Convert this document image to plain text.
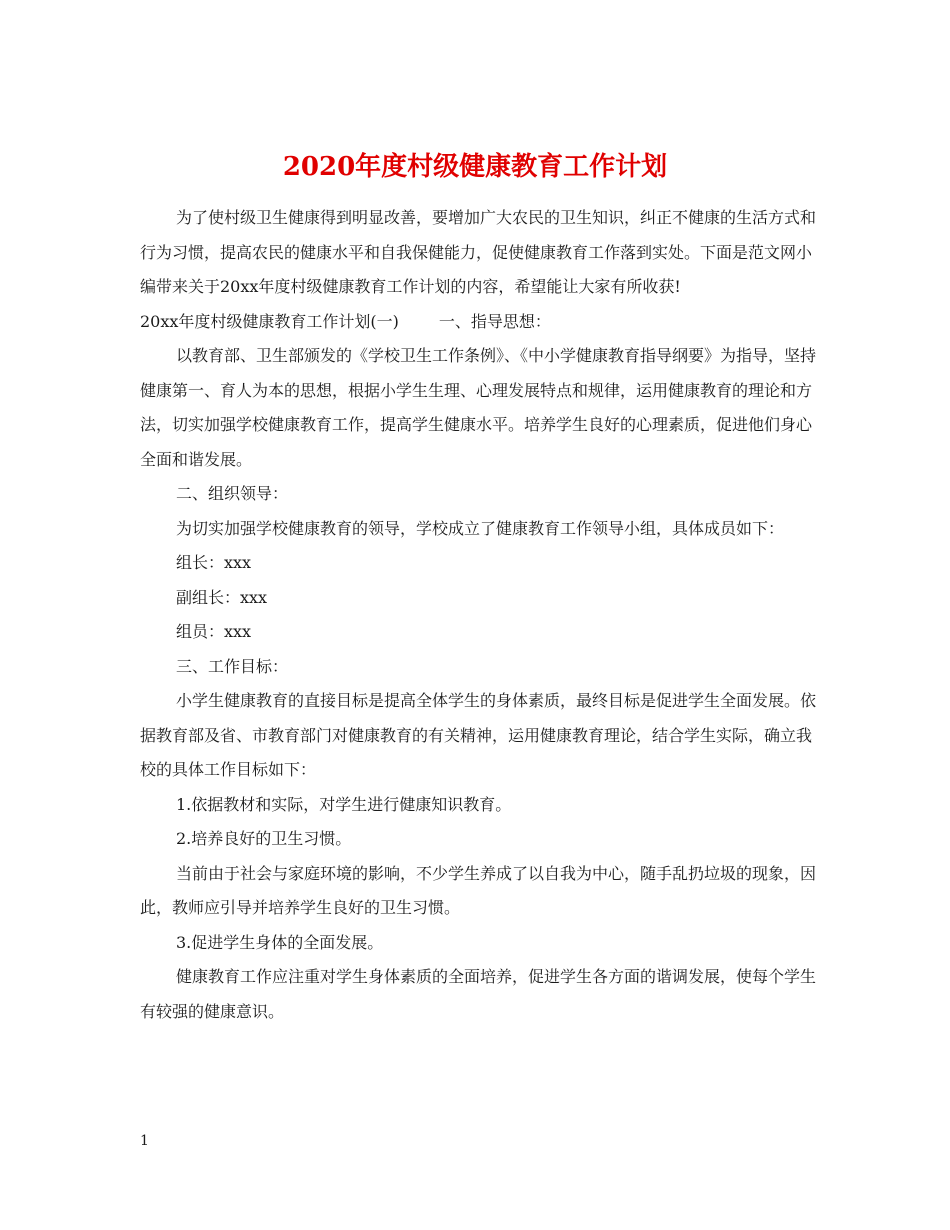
2020年度村级健康教育工作计划

为了使村级卫生健康得到明显改善，要增加广大农民的卫生知识，纠正不健康的生活方式和行为习惯，提高农民的健康水平和自我保健能力，促使健康教育工作落到实处。下面是范文网小编带来关于20xx年度村级健康教育工作计划的内容，希望能让大家有所收获!

20xx年度村级健康教育工作计划(一)	一、指导思想：

以教育部、卫生部颁发的《学校卫生工作条例》、《中小学健康教育指导纲要》为指导，坚持健康第一、育人为本的思想，根据小学生生理、心理发展特点和规律，运用健康教育的理论和方法，切实加强学校健康教育工作，提高学生健康水平。培养学生良好的心理素质，促进他们身心全面和谐发展。

二、组织领导：

为切实加强学校健康教育的领导，学校成立了健康教育工作领导小组，具体成员如下：

组长：xxx

副组长：xxx

组员：xxx

三、工作目标：

小学生健康教育的直接目标是提高全体学生的身体素质，最终目标是促进学生全面发展。依据教育部及省、市教育部门对健康教育的有关精神，运用健康教育理论，结合学生实际，确立我校的具体工作目标如下：

1.依据教材和实际，对学生进行健康知识教育。

2.培养良好的卫生习惯。

当前由于社会与家庭环境的影响，不少学生养成了以自我为中心，随手乱扔垃圾的现象，因此，教师应引导并培养学生良好的卫生习惯。

3.促进学生身体的全面发展。

健康教育工作应注重对学生身体素质的全面培养，促进学生各方面的谐调发展，使每个学生有较强的健康意识。

1
